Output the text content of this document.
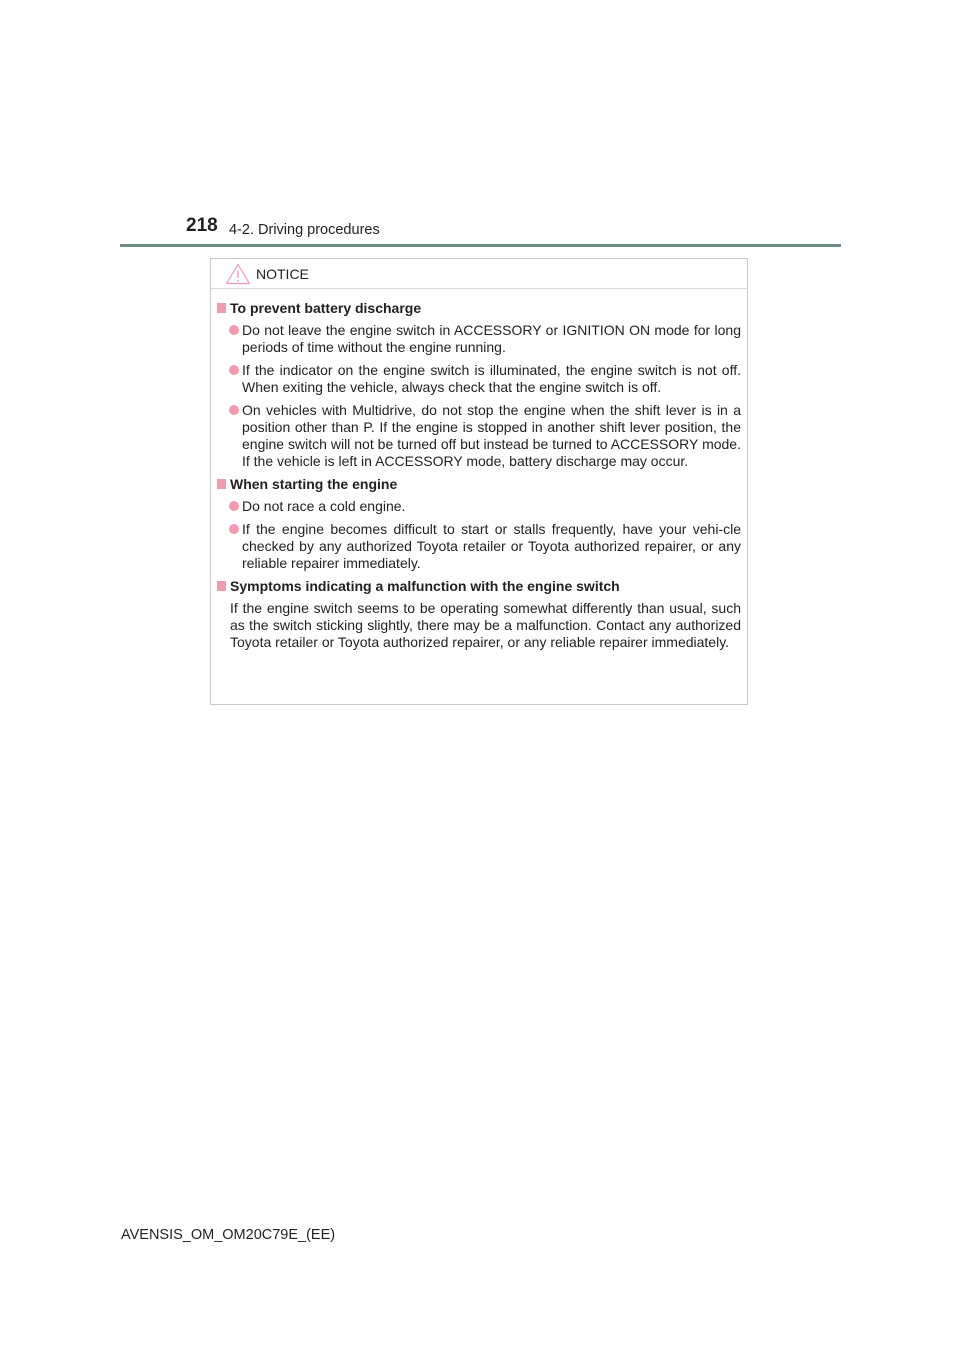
218 4-2. Driving procedures
NOTICE
To prevent battery discharge
Do not leave the engine switch in ACCESSORY or IGNITION ON mode for long periods of time without the engine running.
If the indicator on the engine switch is illuminated, the engine switch is not off. When exiting the vehicle, always check that the engine switch is off.
On vehicles with Multidrive, do not stop the engine when the shift lever is in a position other than P. If the engine is stopped in another shift lever position, the engine switch will not be turned off but instead be turned to ACCESSORY mode. If the vehicle is left in ACCESSORY mode, battery discharge may occur.
When starting the engine
Do not race a cold engine.
If the engine becomes difficult to start or stalls frequently, have your vehi-cle checked by any authorized Toyota retailer or Toyota authorized repairer, or any reliable repairer immediately.
Symptoms indicating a malfunction with the engine switch
If the engine switch seems to be operating somewhat differently than usual, such as the switch sticking slightly, there may be a malfunction. Contact any authorized Toyota retailer or Toyota authorized repairer, or any reliable repairer immediately.
AVENSIS_OM_OM20C79E_(EE)
